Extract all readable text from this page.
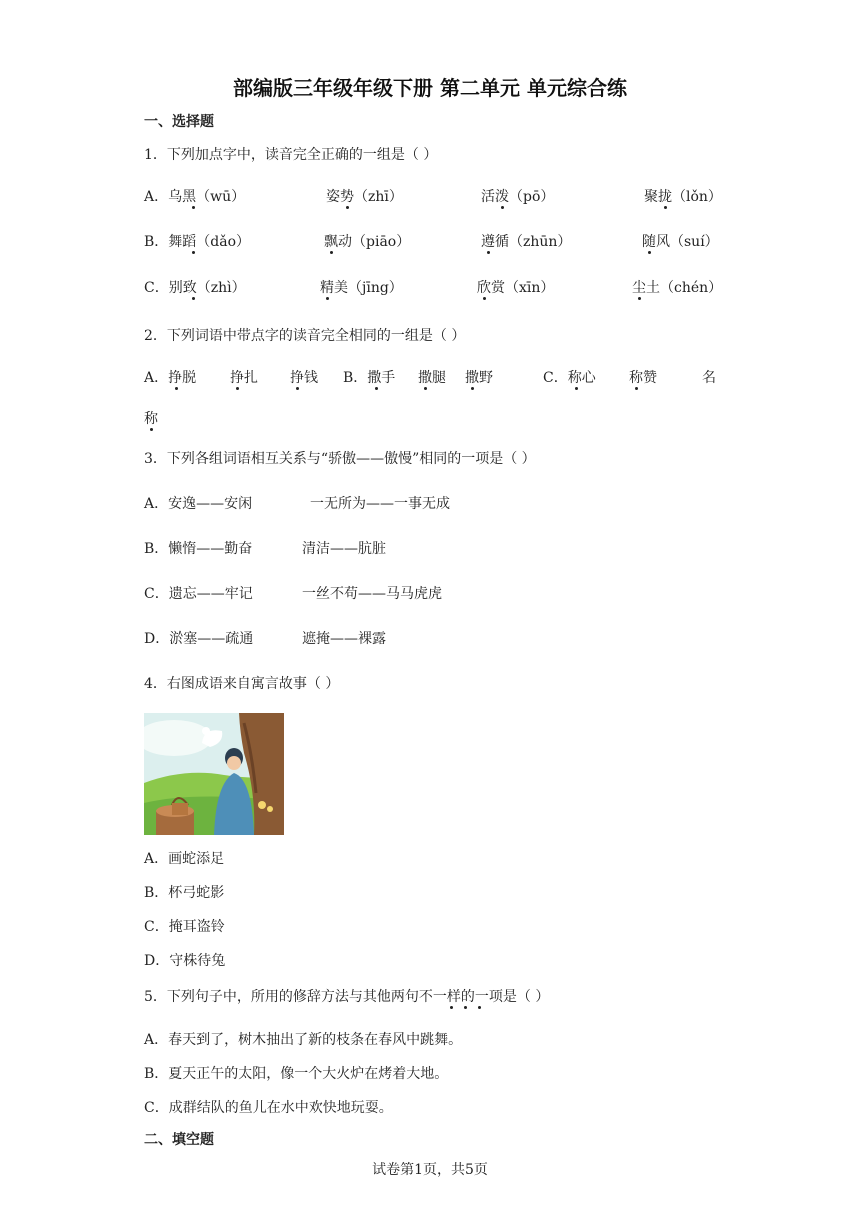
部编版三年级年级下册 第二单元 单元综合练
一、选择题
1．下列加点字中，读音完全正确的一组是（ ）
A．乌黑（wū）	姿势（zhī）	活泼（pō）	聚拢（lǒn）
B．舞蹈（dǎo）	飘动（piāo）	遵循（zhūn）	随风（suí）
C．别致（zhì）	精美（jīng）	欣赏（xīn）	尘土（chén）
2．下列词语中带点字的读音完全相同的一组是（ ）
A．挣脱 挣扎 挣钱 B．撒手 撒腿 撒野	C．称心 称赞	名
称
3．下列各组词语相互关系与“骄傲——傲慢”相同的一项是（ ）
A．安逸——安闲	一无所为——一事无成
B．懒惰——勤奋	清洁——肮脏
C．遗忘——牢记	一丝不苟——马马虎虎
D．淤塞——疏通	遮掩——裸露
4．右图成语来自寓言故事（ ）
A．画蛇添足
B．杯弓蛇影
C．掩耳盗铃
D．守株待兔
5．下列句子中，所用的修辞方法与其他两句不一样的一项是（ ）
A．春天到了，树木抽出了新的枝条在春风中跳舞。
B．夏天正午的太阳，像一个大火炉在烤着大地。
C．成群结队的鱼儿在水中欢快地玩耍。
二、填空题
试卷第1页，共5页
